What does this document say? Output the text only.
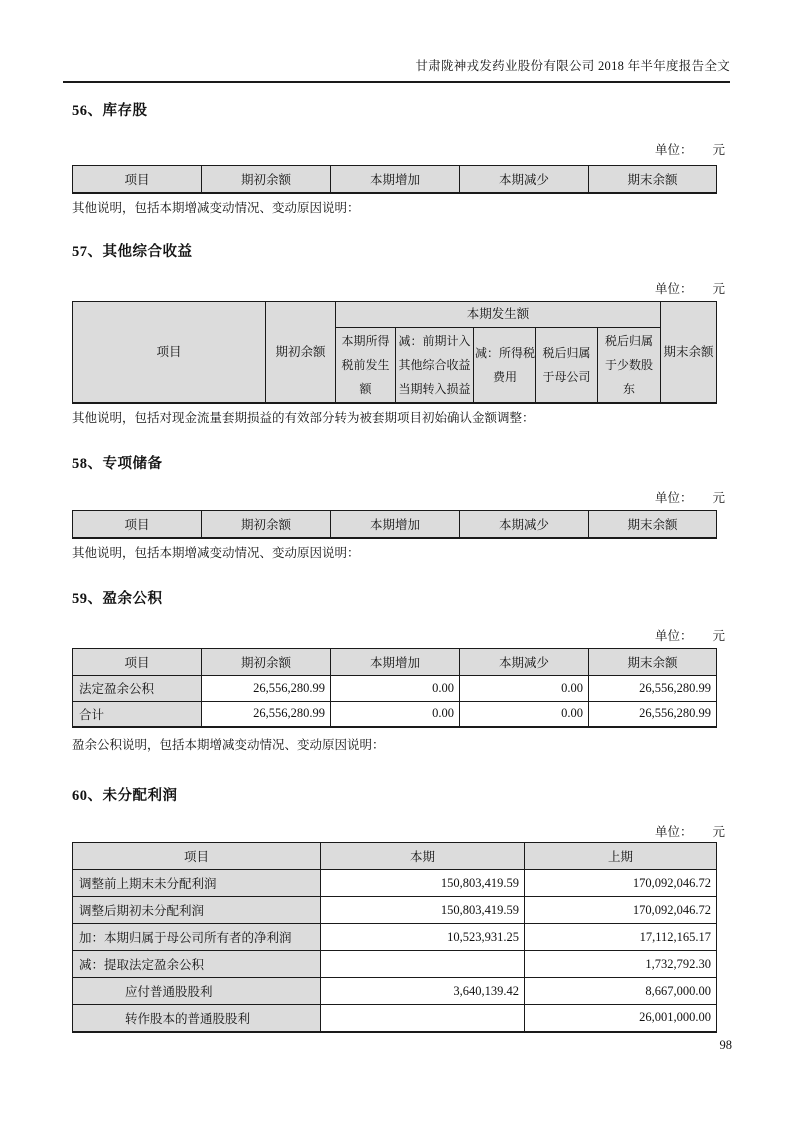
甘肃陇神戎发药业股份有限公司 2018 年半年度报告全文
56、库存股
单位： 元
项目	期初余额	本期增加	本期减少	期末余额

其他说明，包括本期增减变动情况、变动原因说明：

57、其他综合收益
单位： 元
项目	期初余额	本期发生额					期末余额
		本期所得税前发生额	减：前期计入其他综合收益当期转入损益	减：所得税费用	税后归属于母公司	税后归属于少数股东	

其他说明，包括对现金流量套期损益的有效部分转为被套期项目初始确认金额调整：

58、专项储备
单位： 元
项目	期初余额	本期增加	本期减少	期末余额

其他说明，包括本期增减变动情况、变动原因说明：

59、盈余公积
单位： 元
项目	期初余额	本期增加	本期减少	期末余额
法定盈余公积	26,556,280.99	0.00	0.00	26,556,280.99
合计	26,556,280.99	0.00	0.00	26,556,280.99

盈余公积说明，包括本期增减变动情况、变动原因说明：

60、未分配利润
单位： 元
项目	本期	上期
调整前上期末未分配利润	150,803,419.59	170,092,046.72
调整后期初未分配利润	150,803,419.59	170,092,046.72
加：本期归属于母公司所有者的净利润	10,523,931.25	17,112,165.17
减：提取法定盈余公积		1,732,792.30
应付普通股股利	3,640,139.42	8,667,000.00
转作股本的普通股股利		26,001,000.00
98
